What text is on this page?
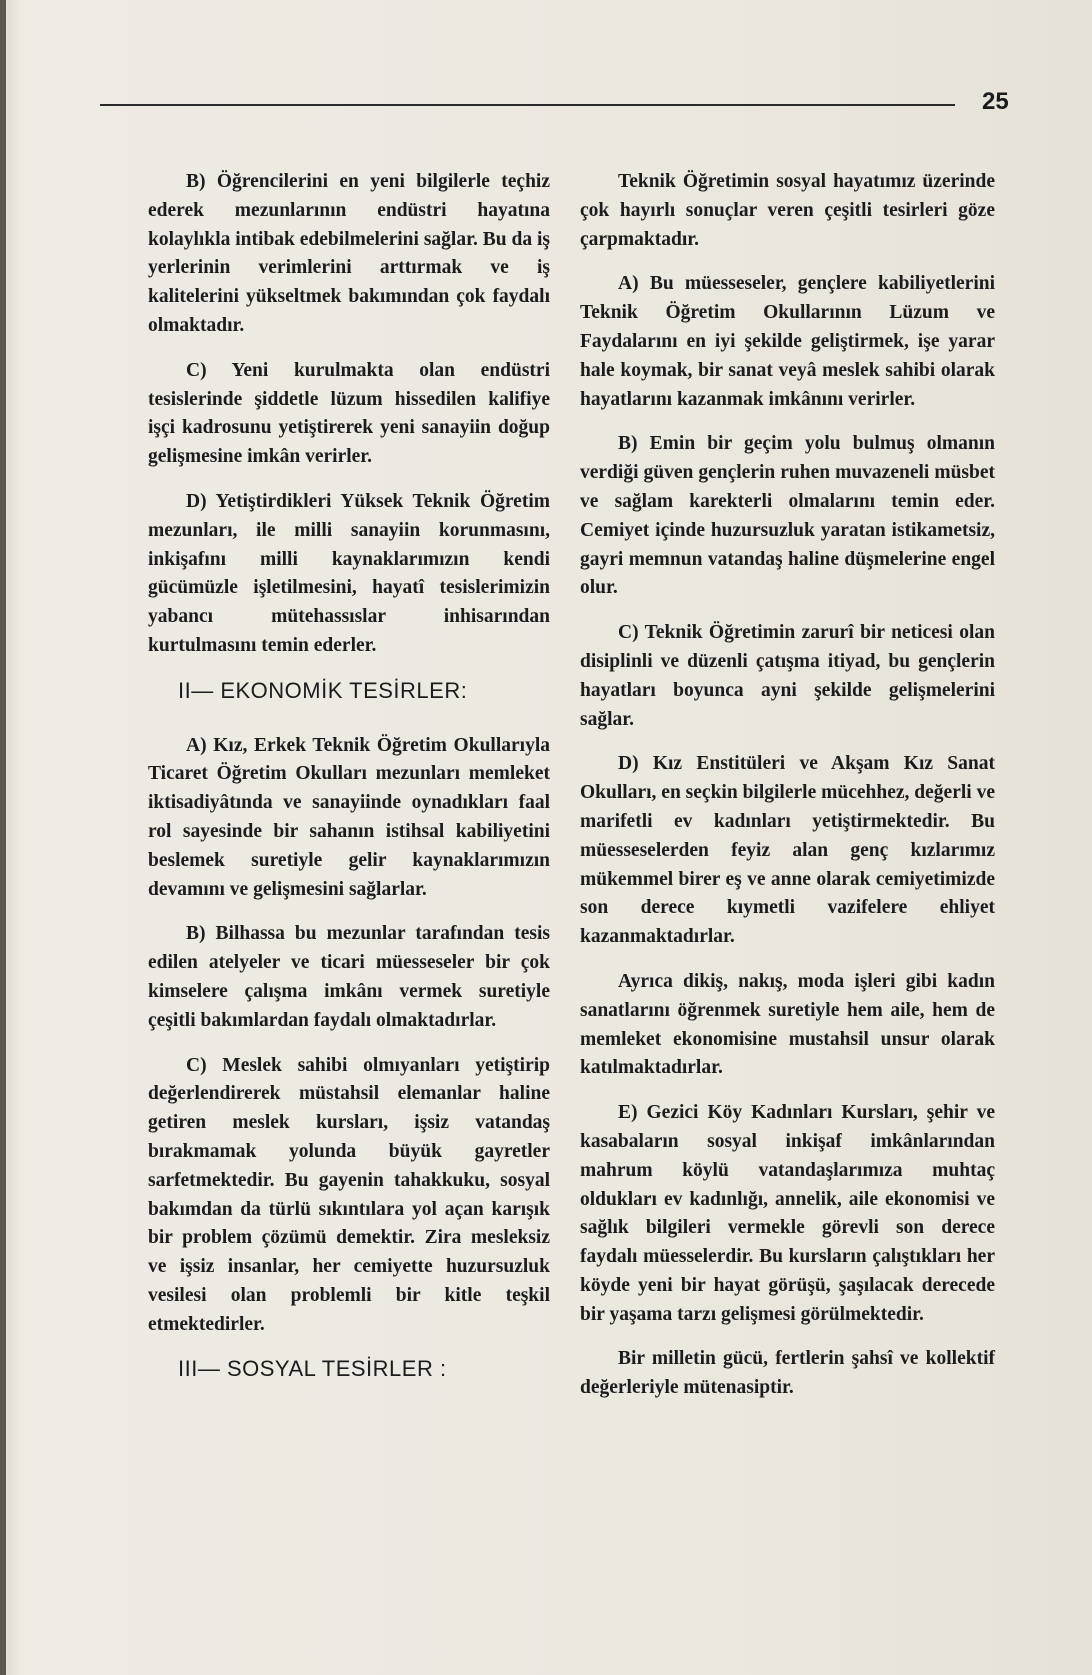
25

B) Öğrencilerini en yeni bilgilerle teçhiz ederek mezunlarının endüstri hayatına kolaylıkla intibak edebilmelerini sağlar. Bu da iş yerlerinin verimlerini arttırmak ve iş kalitelerini yükseltmek bakımından çok faydalı olmaktadır.

C) Yeni kurulmakta olan endüstri tesislerinde şiddetle lüzum hissedilen kalifiye işçi kadrosunu yetiştirerek yeni sanayiin doğup gelişmesine imkân verirler.

D) Yetiştirdikleri Yüksek Teknik Öğretim mezunları, ile milli sanayiin korunmasını, inkişafını milli kaynaklarımızın kendi gücümüzle işletilmesini, hayatî tesislerimizin yabancı mütehassıslar inhisarından kurtulmasını temin ederler.

II— EKONOMİK TESİRLER:

A) Kız, Erkek Teknik Öğretim Okullarıyla Ticaret Öğretim Okulları mezunları memleket iktisadiyâtında ve sanayiinde oynadıkları faal rol sayesinde bir sahanın istihsal kabiliyetini beslemek suretiyle gelir kaynaklarımızın devamını ve gelişmesini sağlarlar.

B) Bilhassa bu mezunlar tarafından tesis edilen atelyeler ve ticari müesseseler bir çok kimselere çalışma imkânı vermek suretiyle çeşitli bakımlardan faydalı olmaktadırlar.

C) Meslek sahibi olmıyanları yetiştirip değerlendirerek müstahsil elemanlar haline getiren meslek kursları, işsiz vatandaş bırakmamak yolunda büyük gayretler sarfetmektedir. Bu gayenin tahakkuku, sosyal bakımdan da türlü sıkıntılara yol açan karışık bir problem çözümü demektir. Zira meslеksiz ve işsiz insanlar, her cemiyette huzursuzluk vesilesi olan problemli bir kitle teşkil etmektedirler.

III— SOSYAL TESİRLER :

Teknik Öğretimin sosyal hayatımız üzerinde çok hayırlı sonuçlar veren çeşitli tesirleri göze çarpmaktadır.

A) Bu müesseseler, gençlere kabiliyetlerini Teknik Öğretim Okullarının Lüzum ve Faydalarını en iyi şekilde geliştirmek, işe yarar hale koymak, bir sanat veyâ meslek sahibi olarak hayatlarını kazanmak imkânını verirler.

B) Emin bir geçim yolu bulmuş olmanın verdiği güven gençlerin ruhen muvazeneli müsbet ve sağlam karekterli olmalarını temin eder. Cemiyet içinde huzursuzluk yaratan istikametsiz, gayri memnun vatandaş haline düşmelerine engel olur.

C) Teknik Öğretimin zarurî bir neticesi olan disiplinli ve düzenli çatışma itiyad, bu gençlerin hayatları boyunca ayni şekilde gelişmelerini sağlar.

D) Kız Enstitüleri ve Akşam Kız Sanat Okulları, en seçkin bilgilerle mücehhez, değerli ve marifetli ev kadınları yetiştirmektedir. Bu müesseselerden feyiz alan genç kızlarımız mükemmel birer eş ve anne olarak cemiyetimizde son derece kıymetli vazifelere ehliyet kazanmaktadırlar.

Ayrıca dikiş, nakış, moda işleri gibi kadın sanatlarını öğrenmek suretiyle hem aile, hem de memleket ekonomisine mustahsil unsur olarak katılmaktadırlar.

E) Gezici Köy Kadınları Kursları, şehir ve kasabaların sosyal inkişaf imkânlarından mahrum köylü vatandaşlarımıza muhtaç oldukları ev kadınlığı, annelik, aile ekonomisi ve sağlık bilgileri vermekle görevli son derece faydalı müesselerdir. Bu kursların çalıştıkları her köyde yeni bir hayat görüşü, şaşılacak derecede bir yaşama tarzı gelişmesi görülmektedir.

Bir milletin gücü, fertlerin şahsî ve kollektif değerleriyle mütenasiptir.
